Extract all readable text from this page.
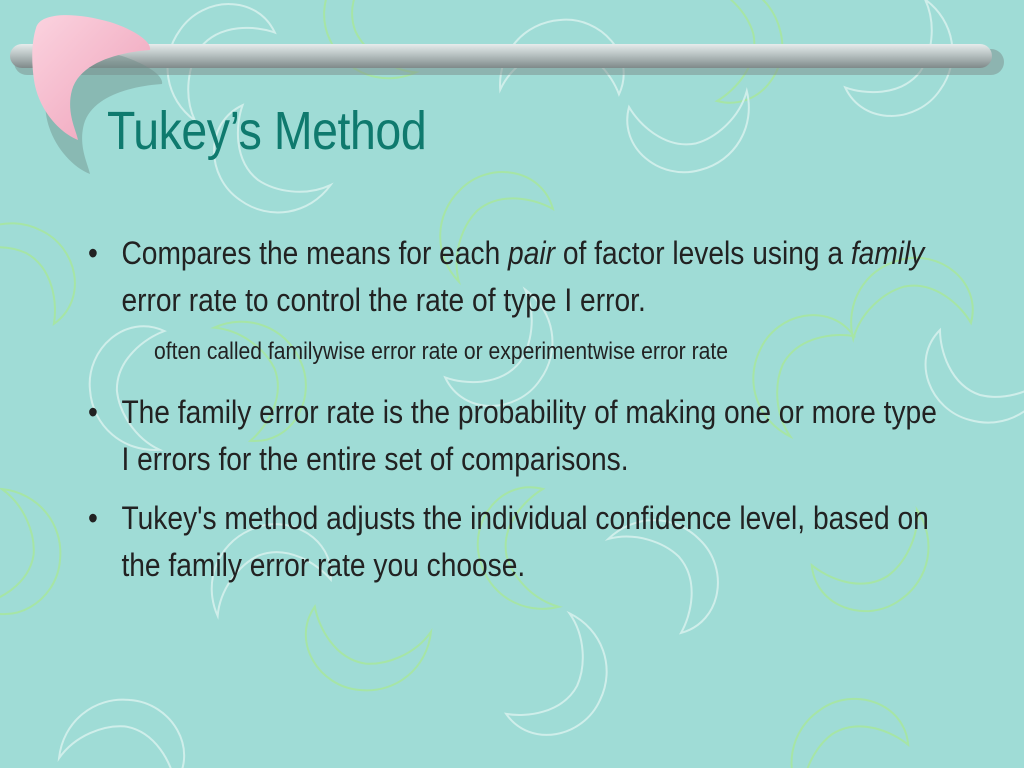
Tukey’s Method
• Compares the means for each pair of factor levels using a family error rate to control the rate of type I error.
often called familywise error rate or experimentwise error rate
• The family error rate is the probability of making one or more type I errors for the entire set of comparisons.
• Tukey's method adjusts the individual confidence level, based on the family error rate you choose.
